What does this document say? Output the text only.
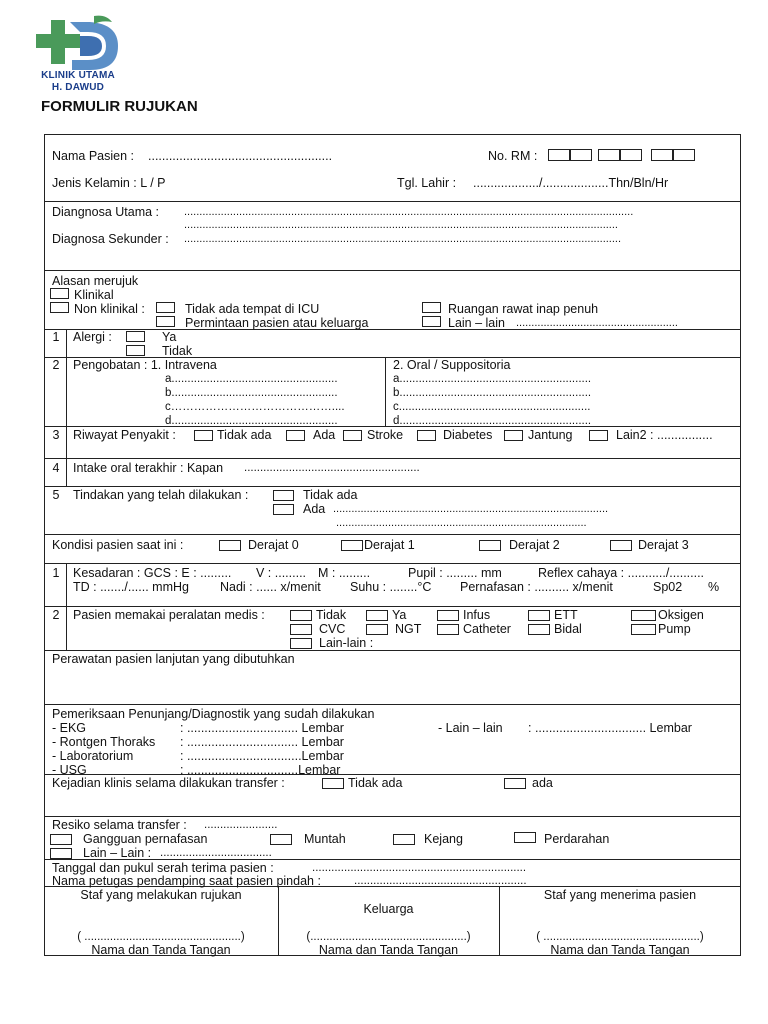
KLINIK UTAMA
H. DAWUD
FORMULIR RUJUKAN
Nama Pasien : .....................................................	No. RM :
Jenis Kelamin : L / P	Tgl. Lahir : .................../...................Thn/Bln/Hr
Diangnosa Utama : ...................................................................................................................................................
..............................................................................................................................................
Diagnosa Sekunder : ...............................................................................................................................................
Alasan merujuk
Klinikal
Non klinikal :	Tidak ada tempat di ICU
Permintaan pasien atau keluarga
Ruangan rawat inap penuh
Lain – lain .....................................................
1 Alergi :	Ya
Tidak
2 Pengobatan : 1. Intravena
a....................................................
b....................................................
c……………………………………....
d....................................................
2. Oral / Suppositoria
a............................................................
b............................................................
c............................................................
d............................................................
3 Riwayat Penyakit :	Tidak ada	Ada	Stroke	Diabetes	Jantung	Lain2 : ................
4 Intake oral terakhir : Kapan .......................................................
5 Tindakan yang telah dilakukan :	Tidak ada
Ada ..........................................................................................
..................................................................................
Kondisi pasien saat ini :	Derajat 0	Derajat 1	Derajat 2	Derajat 3
1 Kesadaran : GCS : E : ......... V : ......... M : .........	Pupil : ......... mm	Reflex cahaya : .........../..........
TD : ......./...... mmHg Nadi : ...... x/menit Suhu : ........°C Pernafasan : .......... x/menit	Sp02 %
2 Pasien memakai peralatan medis :	Tidak	Ya	Infus	ETT	Oksigen
CVC	NGT	Catheter	Bidal	Pump
Lain-lain :
Perawatan pasien lanjutan yang dibutuhkan
Pemeriksaan Penunjang/Diagnostik yang sudah dilakukan
- EKG	: ................................ Lembar
- Rontgen Thoraks : ................................ Lembar
- Laboratorium	: .................................Lembar
- USG	: ................................Lembar
- Lain – lain : ................................ Lembar
Kejadian klinis selama dilakukan transfer :	Tidak ada	ada
Resiko selama transfer : .......................
Gangguan pernafasan	Muntah	Kejang	Perdarahan
Lain – Lain : ...................................
Tanggal dan pukul serah terima pasien :	...................................................................
Nama petugas pendamping saat pasien pindah :	......................................................
Staf yang melakukan rujukan
Keluarga
Staf yang menerima pasien
( .................................................)	(.................................................)	( .................................................)
Nama dan Tanda Tangan	Nama dan Tanda Tangan	Nama dan Tanda Tangan
